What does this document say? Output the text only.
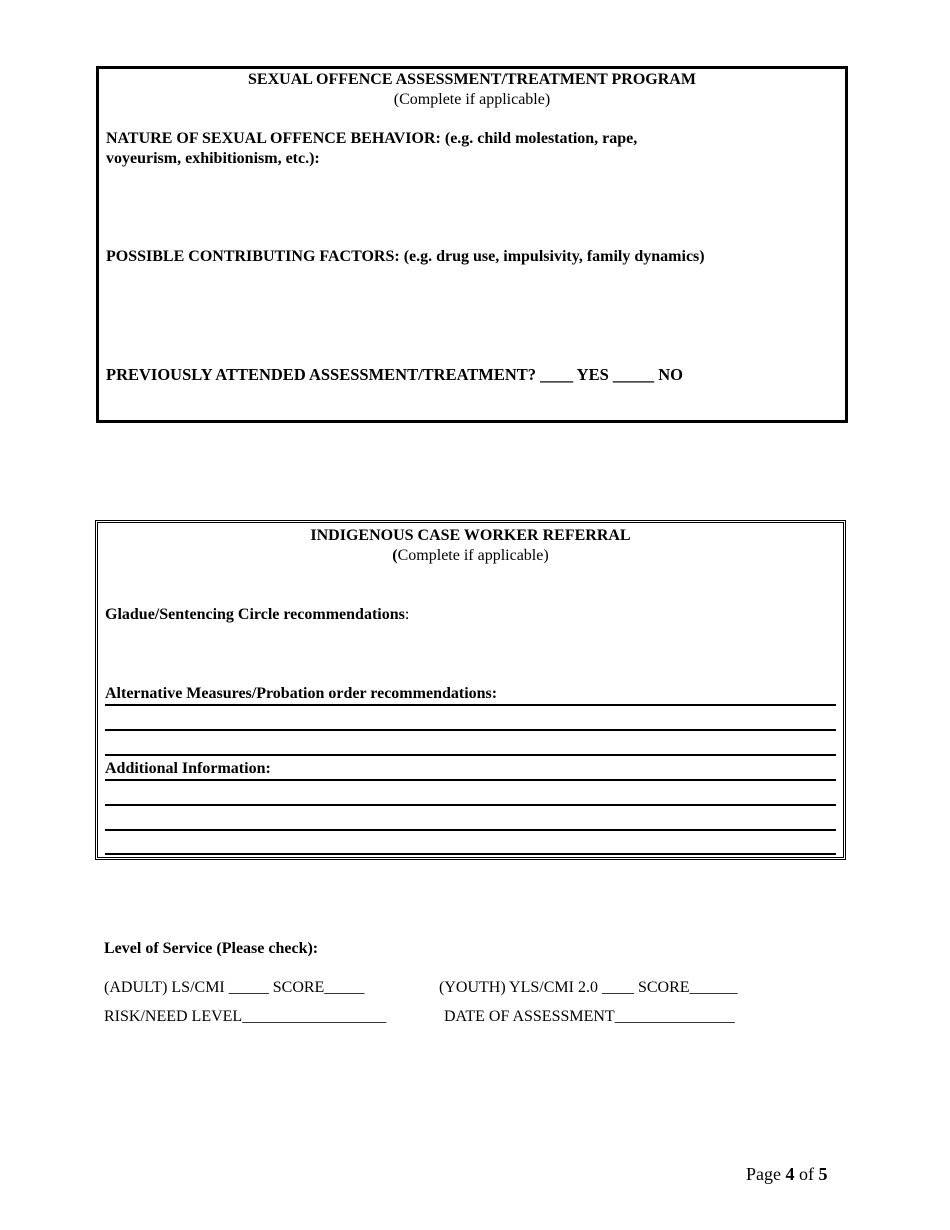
SEXUAL OFFENCE ASSESSMENT/TREATMENT PROGRAM
(Complete if applicable)
NATURE OF SEXUAL OFFENCE BEHAVIOR: (e.g. child molestation, rape,
voyeurism, exhibitionism, etc.):
POSSIBLE CONTRIBUTING FACTORS: (e.g. drug use, impulsivity, family dynamics)
PREVIOUSLY ATTENDED ASSESSMENT/TREATMENT? ____ YES _____ NO
INDIGENOUS CASE WORKER REFERRAL
(Complete if applicable)
Gladue/Sentencing Circle recommendations:
Alternative Measures/Probation order recommendations:
Additional Information:
Level of Service (Please check):
(ADULT) LS/CMI _____ SCORE_____	(YOUTH) YLS/CMI 2.0 ____ SCORE______
RISK/NEED LEVEL__________________	DATE OF ASSESSMENT_______________
Page 4 of 5
